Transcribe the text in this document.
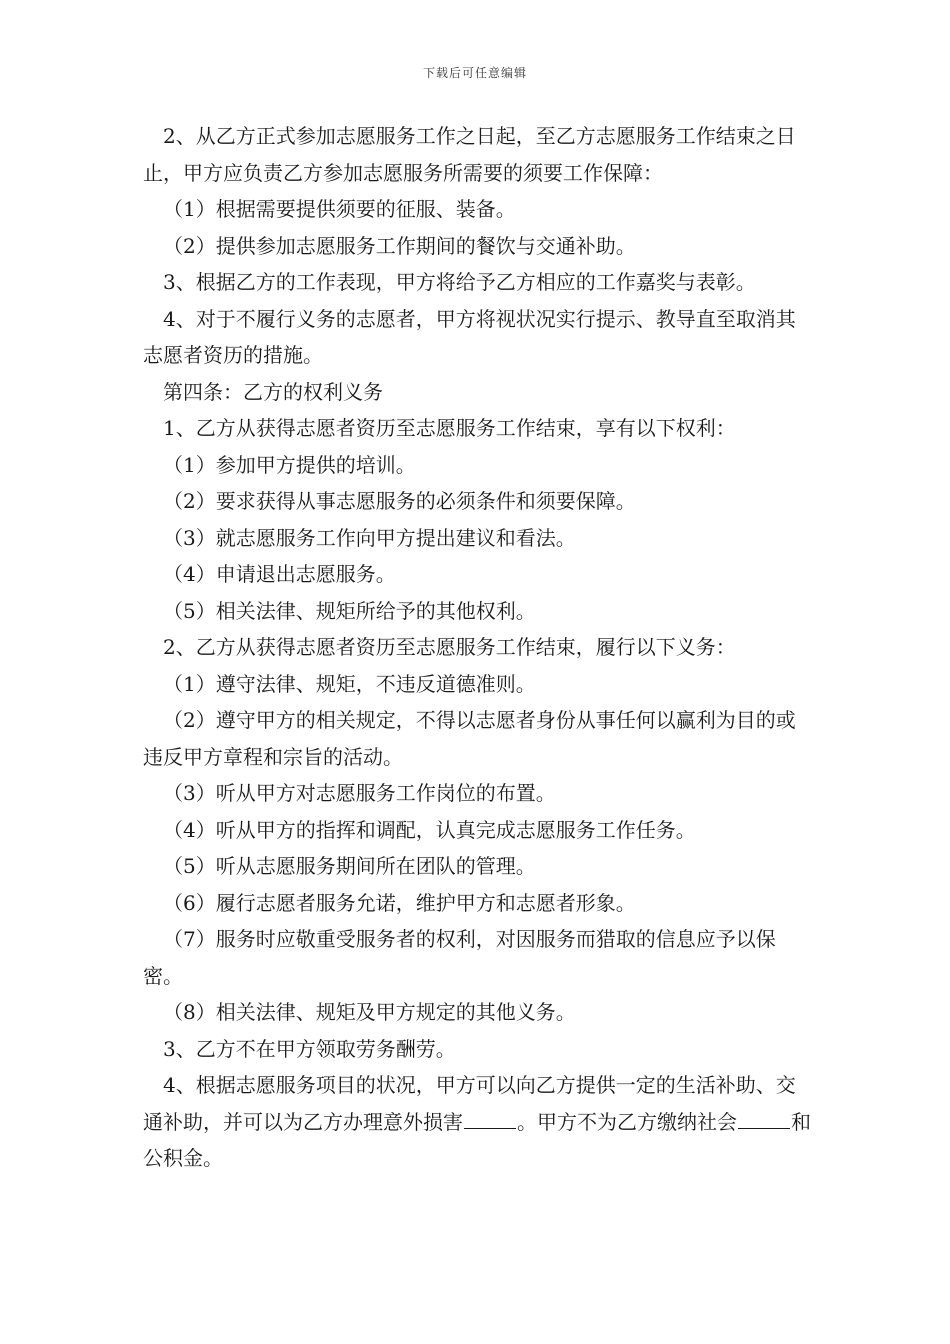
下载后可任意编辑

2、从乙方正式参加志愿服务工作之日起，至乙方志愿服务工作结束之日止，甲方应负责乙方参加志愿服务所需要的须要工作保障：

（1）根据需要提供须要的征服、装备。

（2）提供参加志愿服务工作期间的餐饮与交通补助。

3、根据乙方的工作表现，甲方将给予乙方相应的工作嘉奖与表彰。

4、对于不履行义务的志愿者，甲方将视状况实行提示、教导直至取消其志愿者资历的措施。

第四条：乙方的权利义务

1、乙方从获得志愿者资历至志愿服务工作结束，享有以下权利：

（1）参加甲方提供的培训。

（2）要求获得从事志愿服务的必须条件和须要保障。

（3）就志愿服务工作向甲方提出建议和看法。

（4）申请退出志愿服务。

（5）相关法律、规矩所给予的其他权利。

2、乙方从获得志愿者资历至志愿服务工作结束，履行以下义务：

（1）遵守法律、规矩，不违反道德准则。

（2）遵守甲方的相关规定，不得以志愿者身份从事任何以赢利为目的或违反甲方章程和宗旨的活动。

（3）听从甲方对志愿服务工作岗位的布置。

（4）听从甲方的指挥和调配，认真完成志愿服务工作任务。

（5）听从志愿服务期间所在团队的管理。

（6）履行志愿者服务允诺，维护甲方和志愿者形象。

（7）服务时应敬重受服务者的权利，对因服务而猎取的信息应予以保密。

（8）相关法律、规矩及甲方规定的其他义务。

3、乙方不在甲方领取劳务酬劳。

4、根据志愿服务项目的状况，甲方可以向乙方提供一定的生活补助、交通补助，并可以为乙方办理意外损害	。甲方不为乙方缴纳社会	和公积金。
